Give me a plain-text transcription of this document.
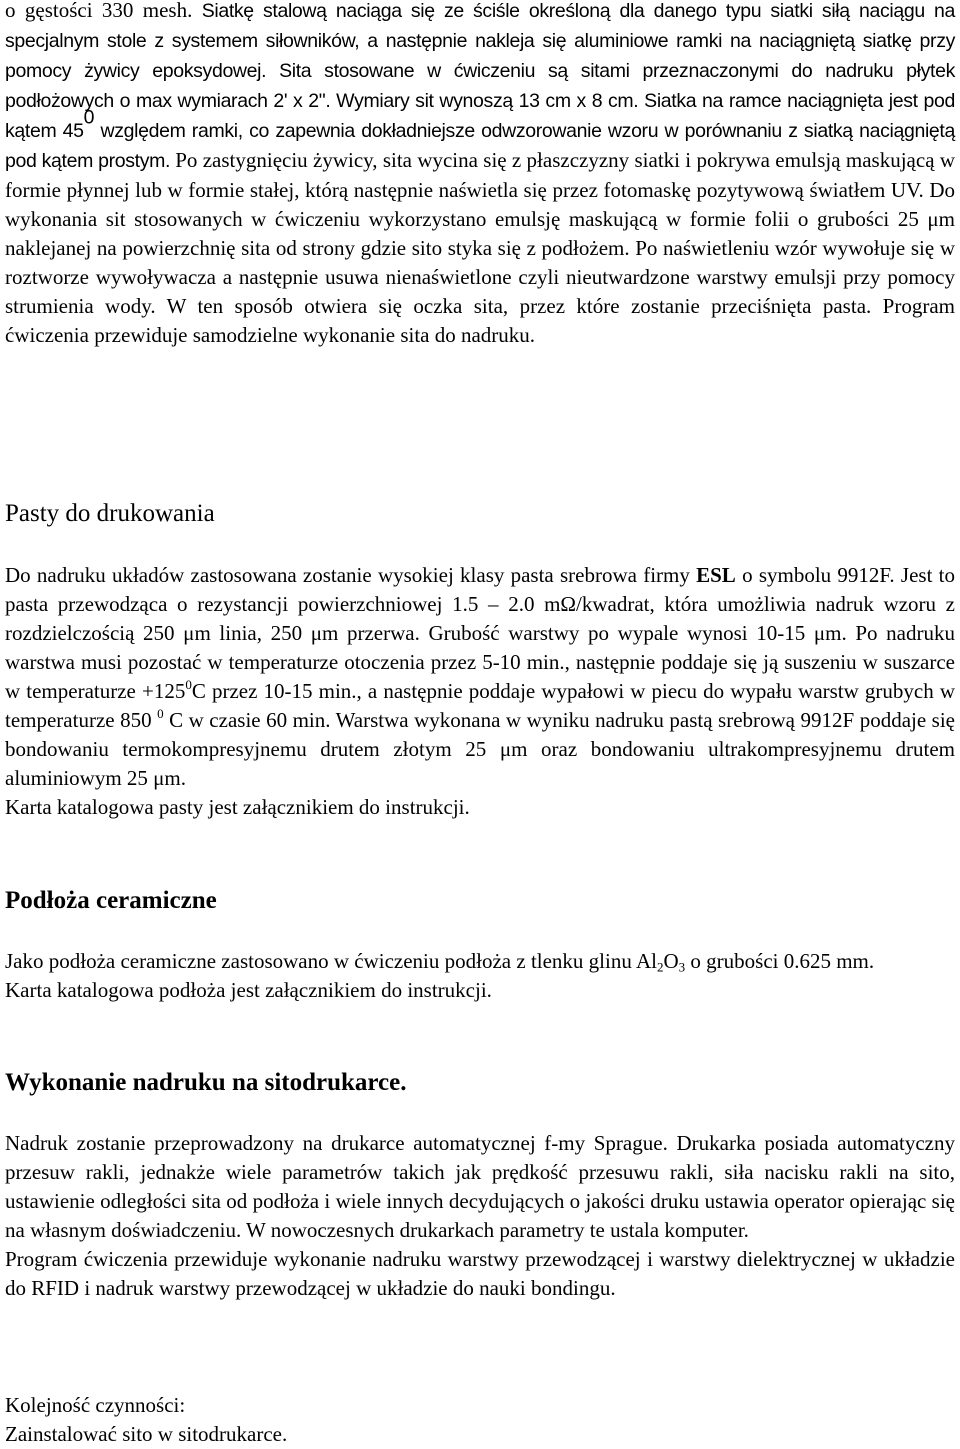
o gęstości 330 mesh. Siatkę stalową naciąga się ze ściśle określoną dla danego typu siatki siłą naciągu na specjalnym stole z systemem siłowników, a następnie nakleja się aluminiowe ramki na naciągniętą siatkę przy pomocy żywicy epoksydowej. Sita stosowane w ćwiczeniu są sitami przeznaczonymi do nadruku płytek podłożowych o max wymiarach 2' x 2". Wymiary sit wynoszą 13 cm x 8 cm. Siatka na ramce naciągnięta jest pod kątem $45^0$ względem ramki, co zapewnia dokładniejsze odwzorowanie wzoru w porównaniu z siatką naciągniętą pod kątem prostym. Po zastygnięciu żywicy, sita wycina się z płaszczyzny siatki i pokrywa emulsją maskującą w formie płynnej lub w formie stałej, którą następnie naświetla się przez fotomaskę pozytywową światłem UV. Do wykonania sit stosowanych w ćwiczeniu wykorzystano emulsję maskującą w formie folii o grubości 25 μm naklejanej na powierzchnię sita od strony gdzie sito styka się z podłożem. Po naświetleniu wzór wywołuje się w roztworze wywoływacza a następnie usuwa nienaświetlone czyli nieutwardzone warstwy emulsji przy pomocy strumienia wody. W ten sposób otwiera się oczka sita, przez które zostanie przeciśnięta pasta. Program ćwiczenia przewiduje samodzielne wykonanie sita do nadruku.

Pasty do drukowania

Do nadruku układów zastosowana zostanie wysokiej klasy pasta srebrowa firmy ESL o symbolu 9912F. Jest to pasta przewodząca o rezystancji powierzchniowej 1.5 – 2.0 mΩ/kwadrat, która umożliwia nadruk wzoru z rozdzielczością 250 μm linia, 250 μm przerwa. Grubość warstwy po wypale wynosi 10-15 μm. Po nadruku warstwa musi pozostać w temperaturze otoczenia przez 5-10 min., następnie poddaje się ją suszeniu w suszarce w temperaturze $+125^0C$ przez 10-15 min., a następnie poddaje wypałowi w piecu do wypału warstw grubych w temperaturze 850 $^0$ C w czasie 60 min. Warstwa wykonana w wyniku nadruku pastą srebrową 9912F poddaje się bondowaniu termokompresyjnemu drutem złotym 25 μm oraz bondowaniu ultrakompresyjnemu drutem aluminiowym 25 μm.
Karta katalogowa pasty jest załącznikiem do instrukcji.

Podłoża ceramiczne

Jako podłoża ceramiczne zastosowano w ćwiczeniu podłoża z tlenku glinu $Al_2O_3$ o grubości 0.625 mm.
Karta katalogowa podłoża jest załącznikiem do instrukcji.

Wykonanie nadruku na sitodrukarce.

Nadruk zostanie przeprowadzony na drukarce automatycznej f-my Sprague. Drukarka posiada automatyczny przesuw rakli, jednakże wiele parametrów takich jak prędkość przesuwu rakli, siła nacisku rakli na sito, ustawienie odległości sita od podłoża i wiele innych decydujących o jakości druku ustawia operator opierając się na własnym doświadczeniu. W nowoczesnych drukarkach parametry te ustala komputer.
Program ćwiczenia przewiduje wykonanie nadruku warstwy przewodzącej i warstwy dielektrycznej w układzie do RFID i nadruk warstwy przewodzącej w układzie do nauki bondingu.

Kolejność czynności:
Zainstalować sito w sitodrukarce.
